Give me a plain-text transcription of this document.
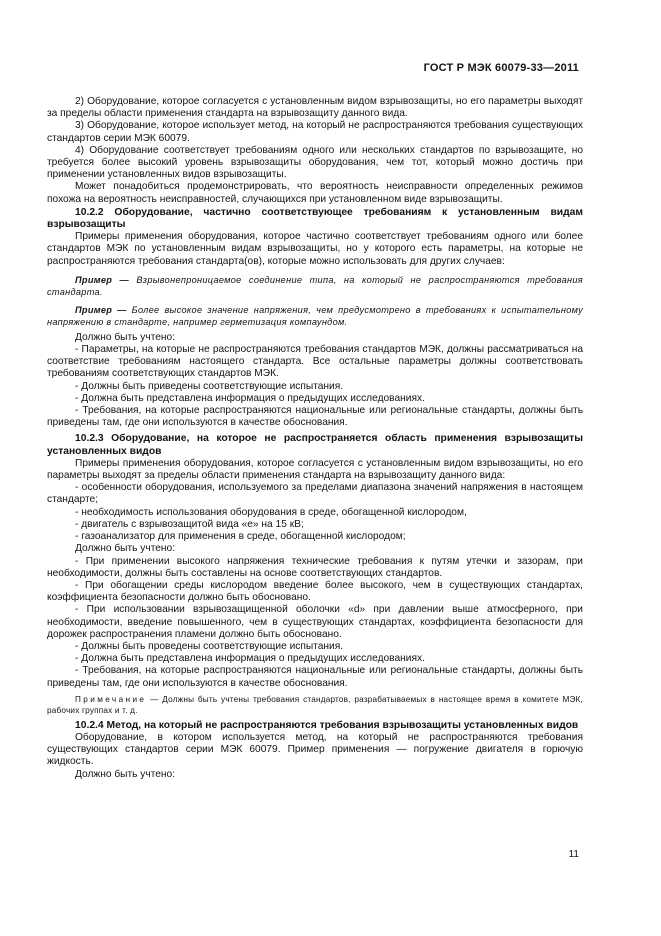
ГОСТ Р МЭК 60079-33—2011

2) Оборудование, которое согласуется с установленным видом взрывозащиты, но его параметры выходят за пределы области применения стандарта на взрывозащиту данного вида.

3) Оборудование, которое использует метод, на который не распространяются требования существующих стандартов серии МЭК 60079.

4) Оборудование соответствует требованиям одного или нескольких стандартов по взрывозащите, но требуется более высокий уровень взрывозащиты оборудования, чем тот, который можно достичь при применении установленных видов взрывозащиты.

Может понадобиться продемонстрировать, что вероятность неисправности определенных режимов похожа на вероятность неисправностей, случающихся при установленном виде взрывозащиты.

10.2.2 Оборудование, частично соответствующее требованиям к установленным видам взрывозащиты

Примеры применения оборудования, которое частично соответствует требованиям одного или более стандартов МЭК по установленным видам взрывозащиты, но у которого есть параметры, на которые не распространяются требования стандарта(ов), которые можно использовать для других случаев:

Пример — Взрывонепроницаемое соединение типа, на который не распространяются требования стандарта.

Пример — Более высокое значение напряжения, чем предусмотрено в требованиях к испытательному напряжению в стандарте, например герметизация компаундом.

Должно быть учтено:

- Параметры, на которые не распространяются требования стандартов МЭК, должны рассматриваться на соответствие требованиям настоящего стандарта. Все остальные параметры должны соответствовать требованиям соответствующих стандартов МЭК.

- Должны быть приведены соответствующие испытания.

- Должна быть представлена информация о предыдущих исследованиях.

- Требования, на которые распространяются национальные или региональные стандарты, должны быть приведены там, где они используются в качестве обоснования.

10.2.3 Оборудование, на которое не распространяется область применения взрывозащиты установленных видов

Примеры применения оборудования, которое согласуется с установленным видом взрывозащиты, но его параметры выходят за пределы области применения стандарта на взрывозащиту данного вида:

- особенности оборудования, используемого за пределами диапазона значений напряжения в настоящем стандарте;

- необходимость использования оборудования в среде, обогащенной кислородом,

- двигатель с взрывозащитой вида «е» на 15 кВ;

- газоанализатор для применения в среде, обогащенной кислородом;

Должно быть учтено:

- При применении высокого напряжения технические требования к путям утечки и зазорам, при необходимости, должны быть составлены на основе соответствующих стандартов.

- При обогащении среды кислородом введение более высокого, чем в существующих стандартах, коэффициента безопасности должно быть обосновано.

- При использовании взрывозащищенной оболочки «d» при давлении выше атмосферного, при необходимости, введение повышенного, чем в существующих стандартах, коэффициента безопасности для дорожек распространения пламени должно быть обосновано.

- Должны быть проведены соответствующие испытания.

- Должна быть представлена информация о предыдущих исследованиях.

- Требования, на которые распространяются национальные или региональные стандарты, должны быть приведены там, где они используются в качестве обоснования.

Примечание — Должны быть учтены требования стандартов, разрабатываемых в настоящее время в комитете МЭК, рабочих группах и т. д.

10.2.4 Метод, на который не распространяются требования взрывозащиты установленных видов

Оборудование, в котором используется метод, на который не распространяются требования существующих стандартов серии МЭК 60079. Пример применения — погружение двигателя в горючую жидкость.

Должно быть учтено:

11
